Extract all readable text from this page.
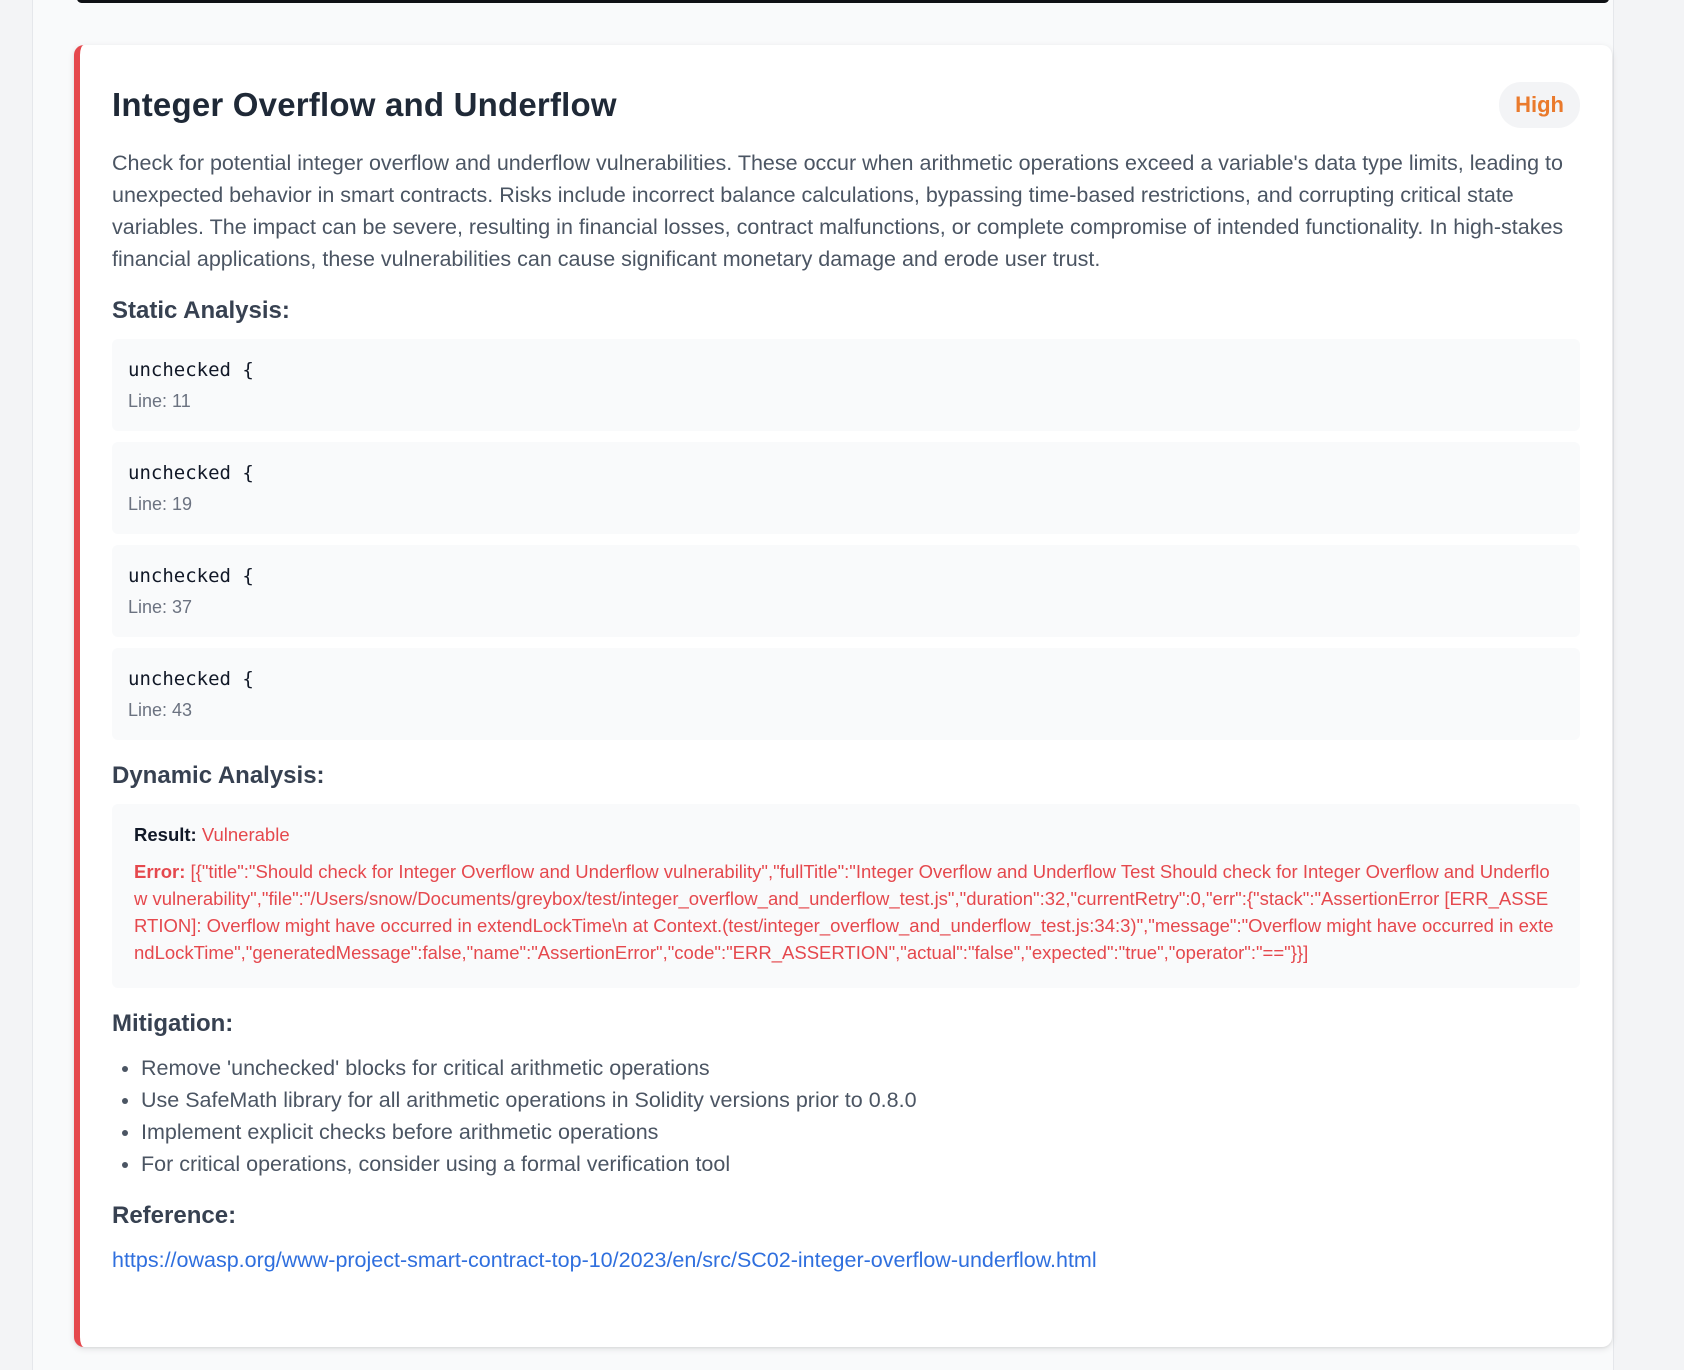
Integer Overflow and Underflow	High

Check for potential integer overflow and underflow vulnerabilities. These occur when arithmetic operations exceed a variable's data type limits, leading to unexpected behavior in smart contracts. Risks include incorrect balance calculations, bypassing time-based restrictions, and corrupting critical state variables. The impact can be severe, resulting in financial losses, contract malfunctions, or complete compromise of intended functionality. In high-stakes financial applications, these vulnerabilities can cause significant monetary damage and erode user trust.

Static Analysis:
unchecked {
Line: 11
unchecked {
Line: 19
unchecked {
Line: 37
unchecked {
Line: 43
Dynamic Analysis:
Result: Vulnerable
Error: [{"title":"Should check for Integer Overflow and Underflow vulnerability","fullTitle":"Integer Overflow and Underflow Test Should check for Integer Overflow and Underflow vulnerability","file":"/Users/snow/Documents/greybox/test/integer_overflow_and_underflow_test.js","duration":32,"currentRetry":0,"err":{"stack":"AssertionError [ERR_ASSERTION]: Overflow might have occurred in extendLockTime\n at Context.(test/integer_overflow_and_underflow_test.js:34:3)","message":"Overflow might have occurred in extendLockTime","generatedMessage":false,"name":"AssertionError","code":"ERR_ASSERTION","actual":"false","expected":"true","operator":"=="}}]
Mitigation:
• Remove 'unchecked' blocks for critical arithmetic operations
• Use SafeMath library for all arithmetic operations in Solidity versions prior to 0.8.0
• Implement explicit checks before arithmetic operations
• For critical operations, consider using a formal verification tool
Reference:
https://owasp.org/www-project-smart-contract-top-10/2023/en/src/SC02-integer-overflow-underflow.html
